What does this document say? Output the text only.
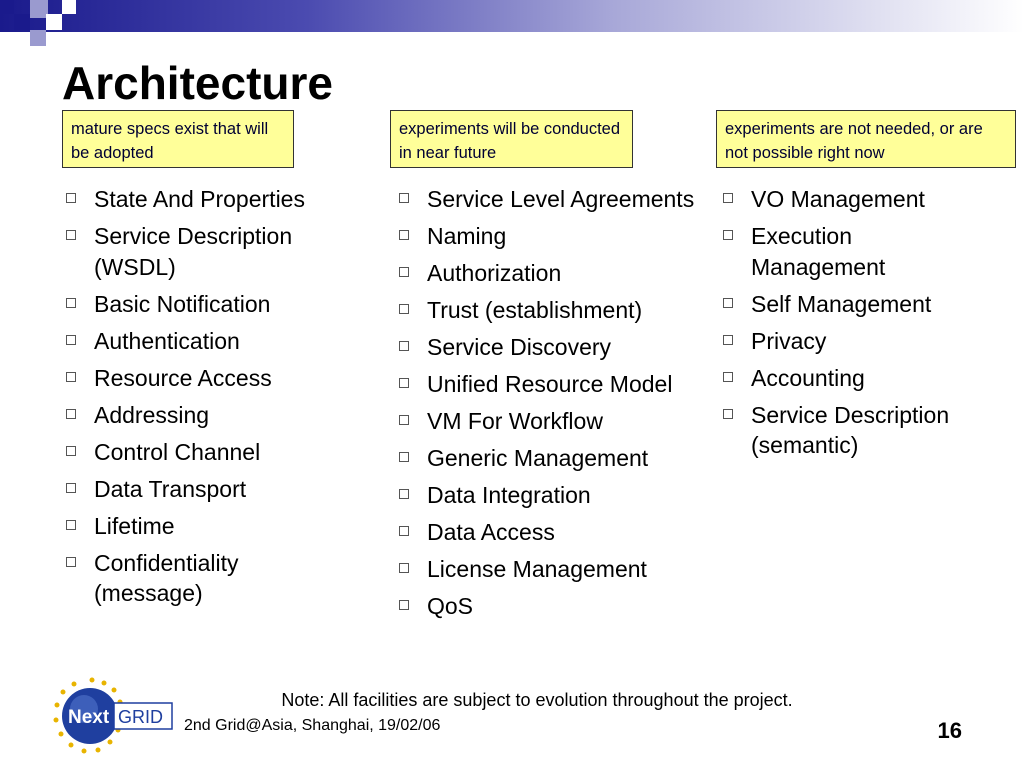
Architecture
mature specs exist that will be adopted
experiments will be conducted in near future
experiments are not needed, or are not possible right now
State And Properties
Service Description (WSDL)
Basic Notification
Authentication
Resource Access
Addressing
Control Channel
Data Transport
Lifetime
Confidentiality (message)
Service Level Agreements
Naming
Authorization
Trust (establishment)
Service Discovery
Unified Resource Model
VM For Workflow
Generic Management
Data Integration
Data Access
License Management
QoS
VO Management
Execution Management
Self Management
Privacy
Accounting
Service Description (semantic)
Next GRID
Note: All facilities are subject to evolution throughout the project.
2nd Grid@Asia, Shanghai, 19/02/06	16
